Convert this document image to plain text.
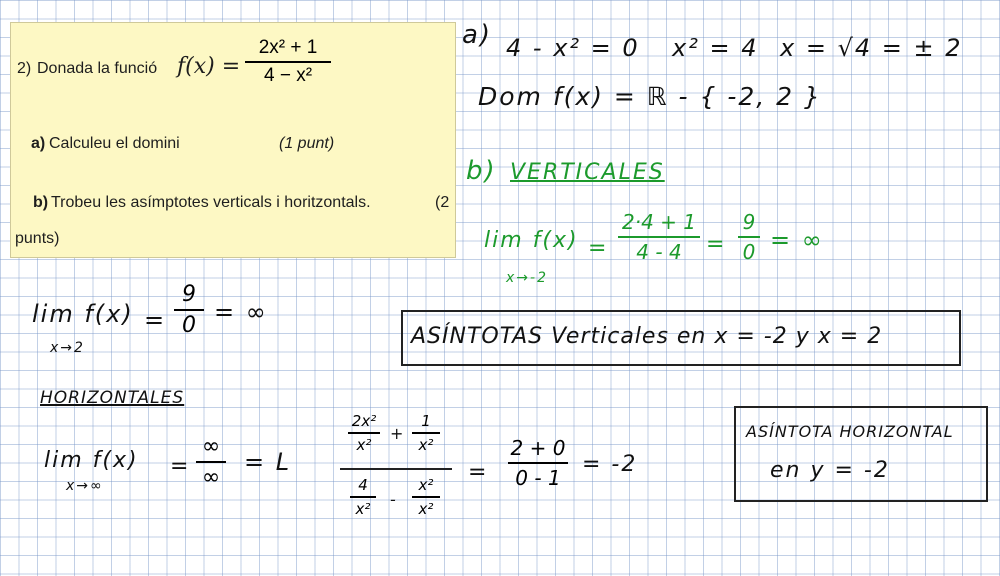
2) Donada la funció f(x) =
2x² + 1
4 − x²
a) Calculeu el domini	(1 punt)
b) Trobeu les asímptotes verticals i horitzontals.	(2
punts)
a) 4 - x² = 0 x² = 4 x = √4 = ± 2
Dom f(x) = ℝ - { -2, 2 }
b) VERTICALES
lim f(x)
x→-2
=
2·4 + 1
4 - 4 =
9
0 = ∞
lim f(x)
x→2
=
9
0 = ∞
ASÍNTOTAS Verticales en x = -2 y x = 2
HORIZONTALES
lim f(x)
x→∞
=
∞
∞
= L
2x²
x²
+
1
x²
4
x² -
x²
x²
=
2 + 0
0 - 1
= -2
ASÍNTOTA HORIZONTAL
en y = -2
